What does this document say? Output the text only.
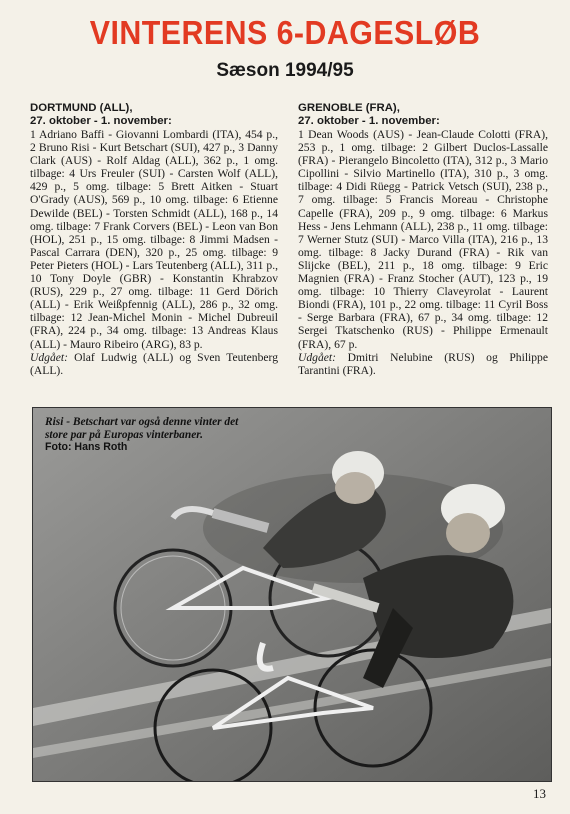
VINTERENS 6-DAGESLØB
Sæson 1994/95
DORTMUND (ALL),
27. oktober - 1. november:

1 Adriano Baffi - Giovanni Lombardi (ITA), 454 p., 2 Bruno Risi - Kurt Betschart (SUI), 427 p., 3 Danny Clark (AUS) - Rolf Aldag (ALL), 362 p., 1 omg. tilbage: 4 Urs Freuler (SUI) - Carsten Wolf (ALL), 429 p., 5 omg. tilbage: 5 Brett Aitken - Stuart O'Grady (AUS), 569 p., 10 omg. tilbage: 6 Etienne Dewilde (BEL) - Torsten Schmidt (ALL), 168 p., 14 omg. tilbage: 7 Frank Corvers (BEL) - Leon van Bon (HOL), 251 p., 15 omg. tilbage: 8 Jimmi Madsen - Pascal Carrara (DEN), 320 p., 25 omg. tilbage: 9 Peter Pieters (HOL) - Lars Teutenberg (ALL), 311 p., 10 Tony Doyle (GBR) - Konstantin Khrabzov (RUS), 229 p., 27 omg. tilbage: 11 Gerd Dörich (ALL) - Erik Weißpfennig (ALL), 286 p., 32 omg. tilbage: 12 Jean-Michel Monin - Michel Dubreuil (FRA), 224 p., 34 omg. tilbage: 13 Andreas Klaus (ALL) - Mauro Ribeiro (ARG), 83 p.

Udgået: Olaf Ludwig (ALL) og Sven Teutenberg (ALL).

GRENOBLE (FRA),
27. oktober - 1. november:

1 Dean Woods (AUS) - Jean-Claude Colotti (FRA), 253 p., 1 omg. tilbage: 2 Gilbert Duclos-Lassalle (FRA) - Pierangelo Bincoletto (ITA), 312 p., 3 Mario Cipollini - Silvio Martinello (ITA), 310 p., 3 omg. tilbage: 4 Didi Rüegg - Patrick Vetsch (SUI), 238 p., 7 omg. tilbage: 5 Francis Moreau - Christophe Capelle (FRA), 209 p., 9 omg. tilbage: 6 Markus Hess - Jens Lehmann (ALL), 238 p., 11 omg. tilbage: 7 Werner Stutz (SUI) - Marco Villa (ITA), 216 p., 13 omg. tilbage: 8 Jacky Durand (FRA) - Rik van Slijcke (BEL), 211 p., 18 omg. tilbage: 9 Eric Magnien (FRA) - Franz Stocher (AUT), 123 p., 19 omg. tilbage: 10 Thierry Claveyrolat - Laurent Biondi (FRA), 101 p., 22 omg. tilbage: 11 Cyril Boss - Serge Barbara (FRA), 67 p., 34 omg. tilbage: 12 Sergei Tkatschenko (RUS) - Philippe Ermenault (FRA), 67 p.

Udgået: Dmitri Nelubine (RUS) og Philippe Tarantini (FRA).

Risi - Betschart var også denne vinter det store par på Europas vinterbaner.
Foto: Hans Roth
13
